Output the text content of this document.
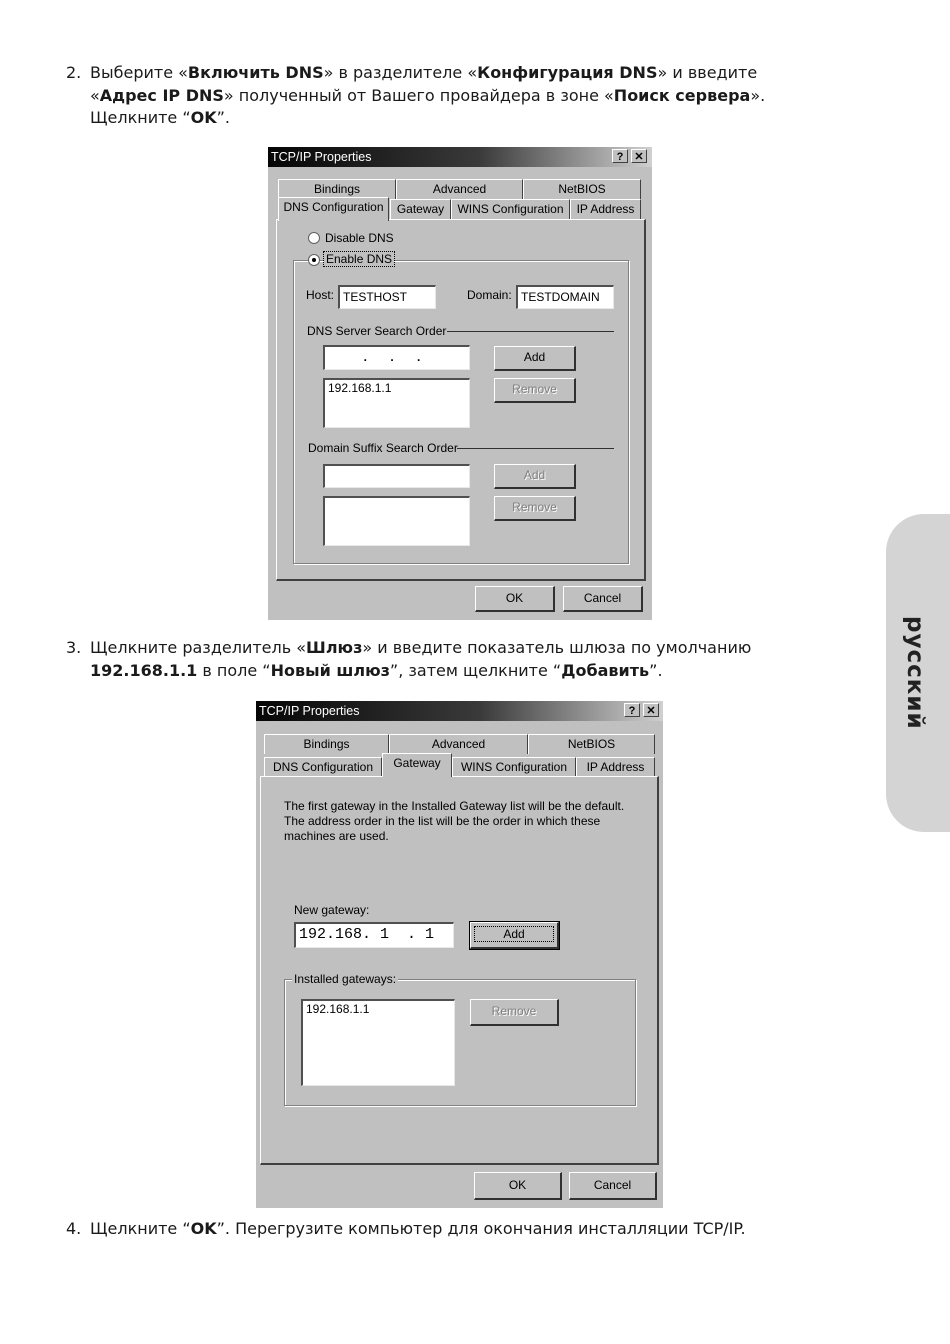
2. Выберите «Включить DNS» в разделителе «Конфигурация DNS» и введите
«Адрес IP DNS» полученный от Вашего провайдера в зоне «Поиск сервера».
Щелкните “OK”.
TCP/IP Properties	?	✕
Bindings	Advanced	NetBIOS
DNS Configuration	Gateway	WINS Configuration	IP Address
Disable DNS
Enable DNS
Host: TESTHOST	Domain: TESTDOMAIN
DNS Server Search Order
. . .	Add
192.168.1.1	Remove
Domain Suffix Search Order
Add
Remove
OK	Cancel
3. Щелкните разделитель «Шлюз» и введите показатель шлюза по умолчанию
192.168.1.1 в поле “Новый шлюз”, затем щелкните “Добавить”.
TCP/IP Properties	?	✕
Bindings	Advanced	NetBIOS
DNS Configuration	Gateway	WINS Configuration	IP Address
The first gateway in the Installed Gateway list will be the default.
The address order in the list will be the order in which these
machines are used.
New gateway:
192.168. 1  . 1	Add
Installed gateways:
192.168.1.1	Remove
OK	Cancel
4. Щелкните “OK”. Перегрузите компьютер для окончания инсталляции TCP/IP.
русский
